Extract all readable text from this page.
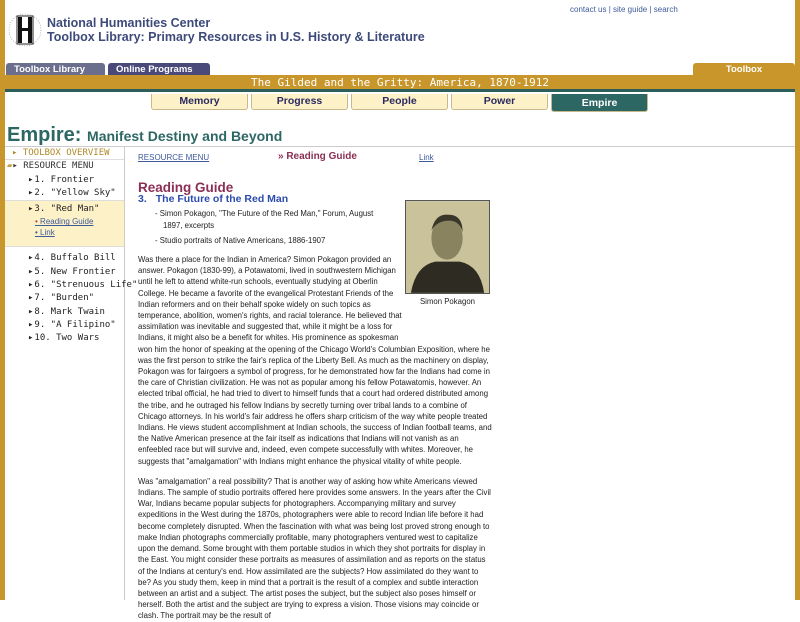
National Humanities Center
Toolbox Library: Primary Resources in U.S. History & Literature
contact us | site guide | search
Toolbox Library	Online Programs	Toolbox
The Gilded and the Gritty: America, 1870-1912
Memory	Progress	People	Power	Empire
Empire: Manifest Destiny and Beyond
▸ TOOLBOX OVERVIEW
▰▸ RESOURCE MENU
▸ 1. Frontier
▸ 2. "Yellow Sky"
▸ 3. "Red Man"
• Reading Guide
• Link
▸ 4. Buffalo Bill
▸ 5. New Frontier
▸ 6. "Strenuous Life"
▸ 7. "Burden"
▸ 8. Mark Twain
▸ 9. "A Filipino"
▸ 10. Two Wars
RESOURCE MENU	» Reading Guide	Link
Reading Guide
3. The Future of the Red Man
- Simon Pokagon, "The Future of the Red Man," Forum, August 1897, excerpts
- Studio portraits of Native Americans, 1886-1907
Simon Pokagon

Was there a place for the Indian in America? Simon Pokagon provided an answer. Pokagon (1830-99), a Potawatomi, lived in southwestern Michigan until he left to attend white-run schools, eventually studying at Oberlin College. He became a favorite of the evangelical Protestant Friends of the Indian reformers and on their behalf spoke widely on such topics as temperance, abolition, women's rights, and racial tolerance. He believed that assimilation was inevitable and suggested that, while it might be a loss for Indians, it might also be a benefit for whites. His prominence as spokesman won him the honor of speaking at the opening of the Chicago World's Columbian Exposition, where he was the first person to strike the fair's replica of the Liberty Bell. As much as the machinery on display, Pokagon was for fairgoers a symbol of progress, for he demonstrated how far the Indians had come in the care of Christian civilization. He was not as popular among his fellow Potawatomis, however. An elected tribal official, he had tried to divert to himself funds that a court had ordered distributed among the tribe, and he outraged his fellow Indians by secretly turning over tribal lands to a combine of Chicago attorneys. In his world's fair address he offers sharp criticism of the way white people treated Indians. He views student accomplishment at Indian schools, the success of Indian football teams, and the Native American presence at the fair itself as indications that Indians will not vanish as an enfeebled race but will survive and, indeed, even compete successfully with whites. Moreover, he suggests that "amalgamation" with Indians might enhance the physical vitality of white people.

Was "amalgamation" a real possibility? That is another way of asking how white Americans viewed Indians. The sample of studio portraits offered here provides some answers. In the years after the Civil War, Indians became popular subjects for photographers. Accompanying military and survey expeditions in the West during the 1870s, photographers were able to record Indian life before it had become completely disrupted. When the fascination with what was being lost proved strong enough to make Indian photographs commercially profitable, many photographers ventured west to capitalize upon the demand. Some brought with them portable studios in which they shot portraits for display in the East. You might consider these portraits as measures of assimilation and as reports on the status of the Indians at century's end. How assimilated are the subjects? How assimilated do they want to be? As you study them, keep in mind that a portrait is the result of a complex and subtle interaction between an artist and a subject. The artist poses the subject, but the subject also poses himself or herself. Both the artist and the subject are trying to express a vision. Those visions may coincide or clash. The portrait may be the result of
